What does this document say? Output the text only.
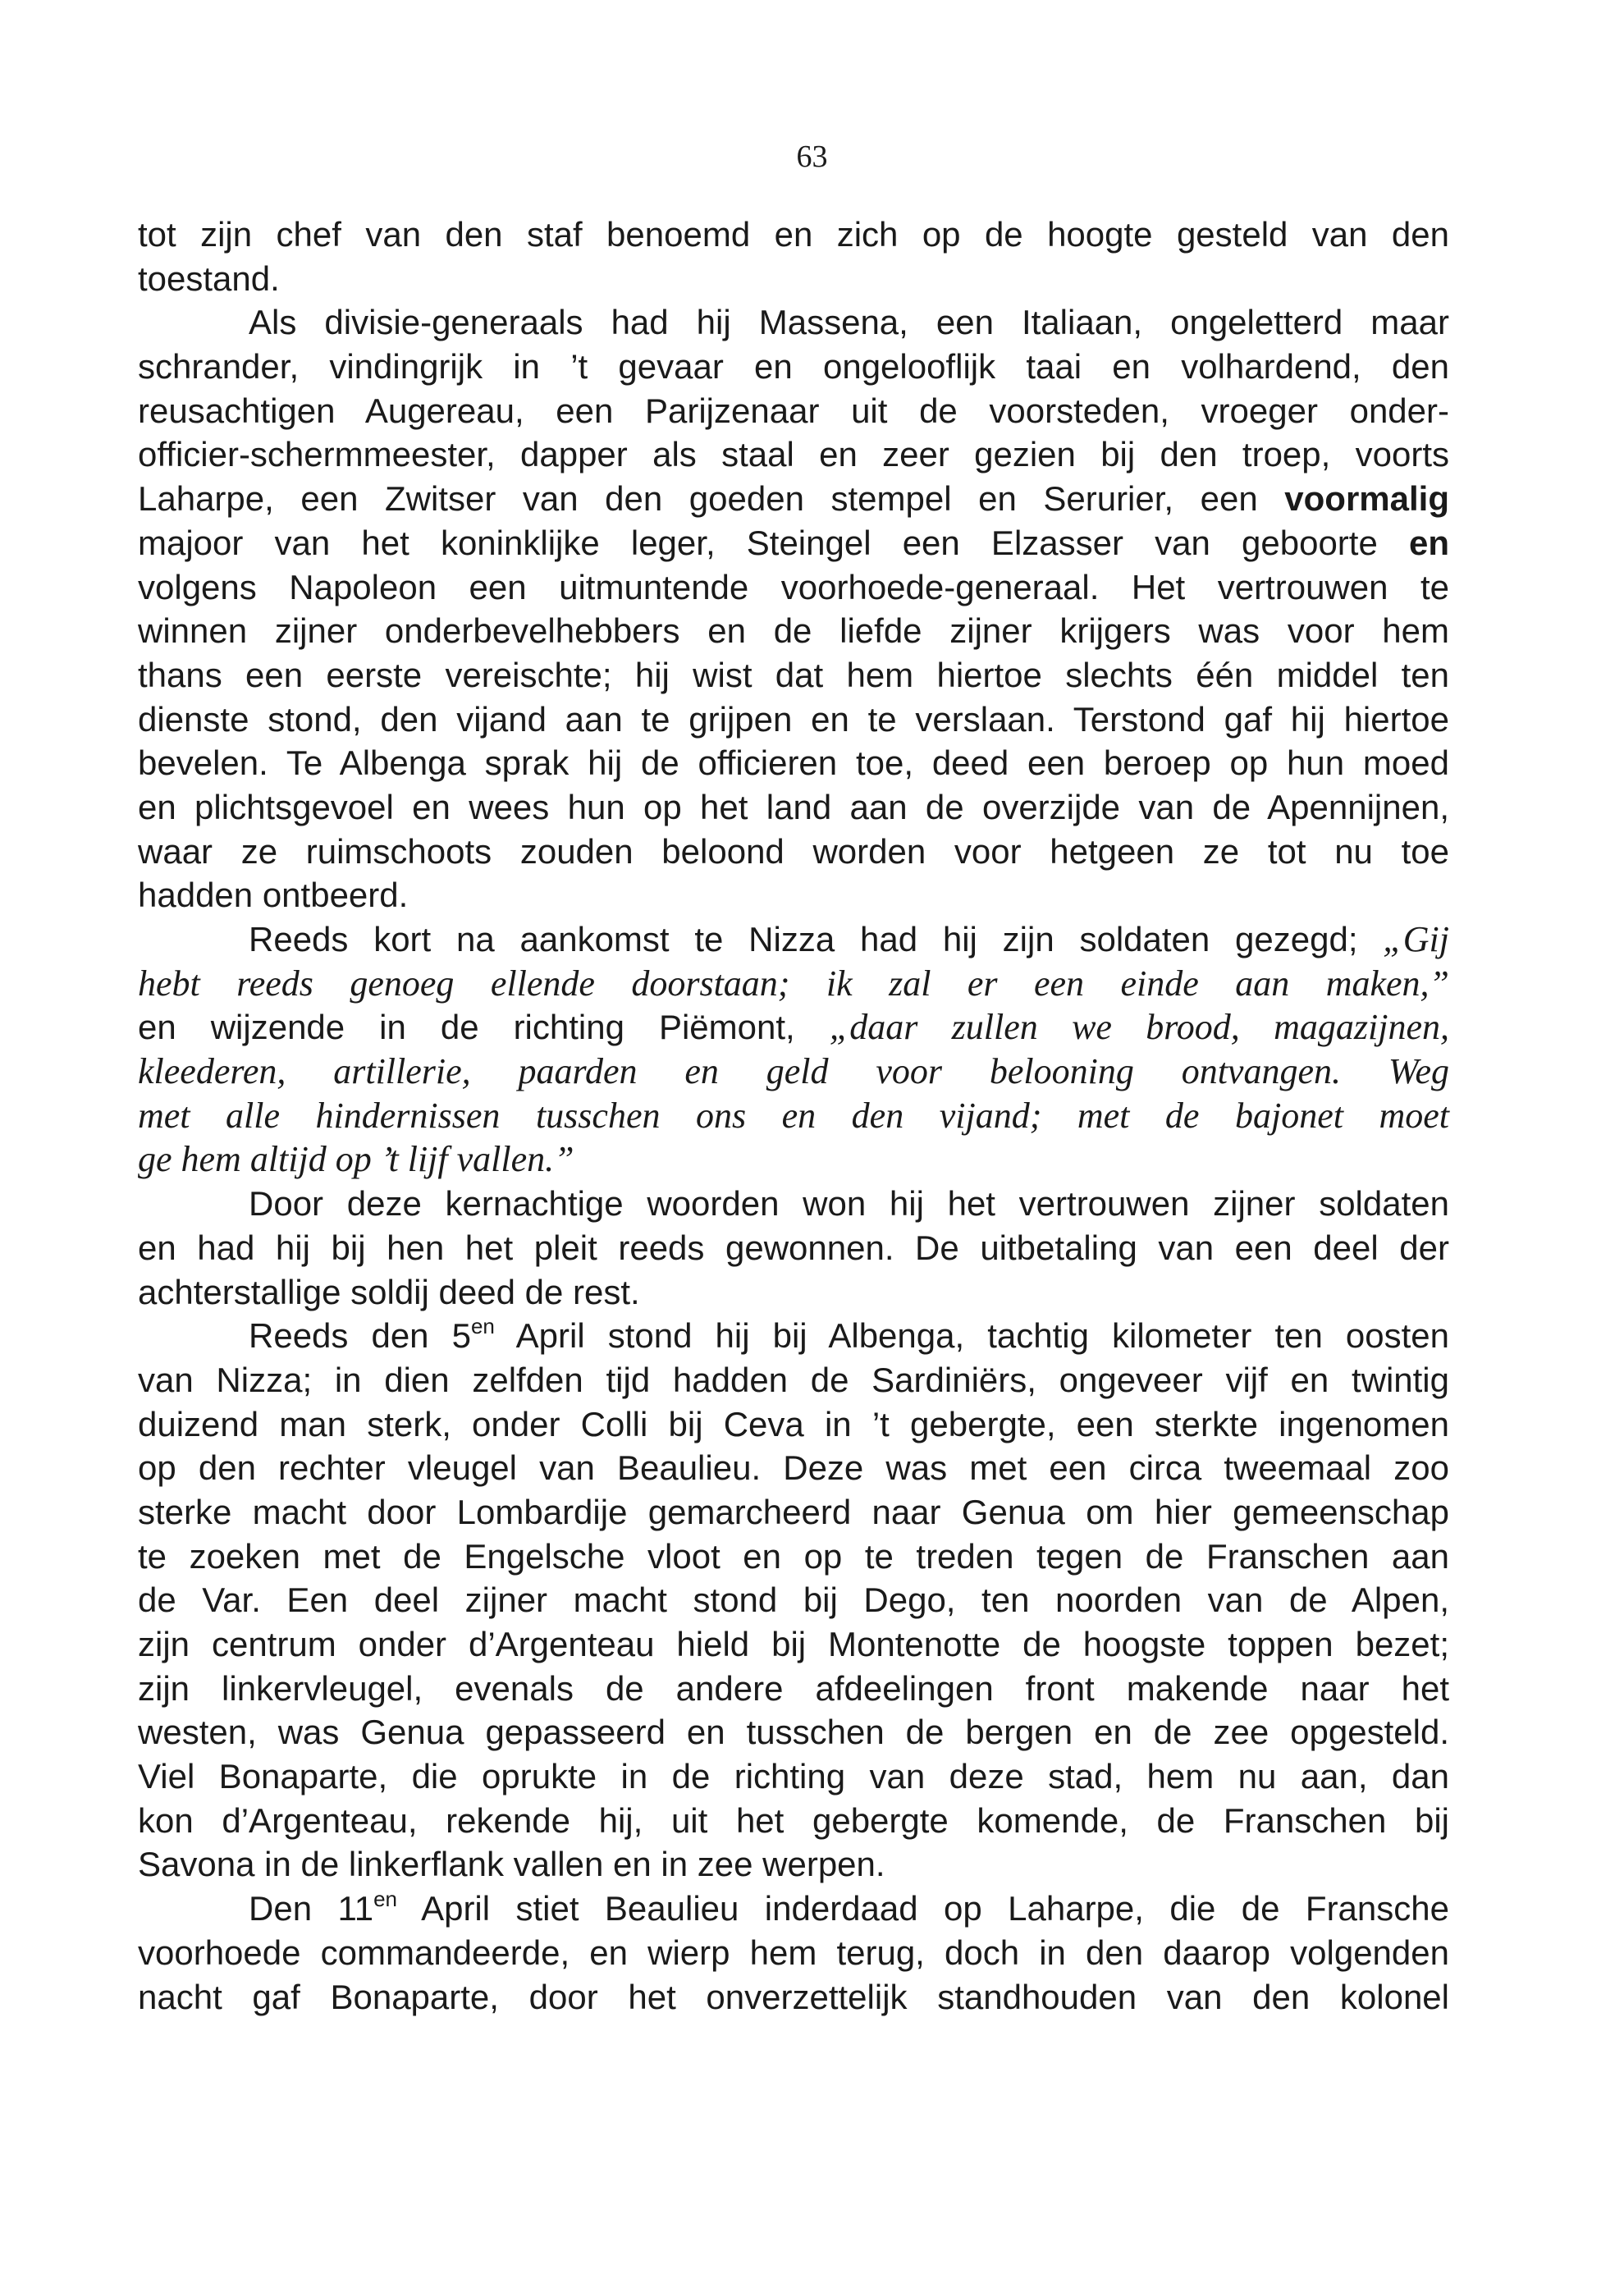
63
tot zijn chef van den staf benoemd en zich op de hoogte gesteld van den
toestand.
Als divisie-generaals had hij Massena, een Italiaan, ongeletterd maar
schrander, vindingrijk in ’t gevaar en ongelooflijk taai en volhardend, den
reusachtigen Augereau, een Parijzenaar uit de voorsteden, vroeger onder-
officier-schermmeester, dapper als staal en zeer gezien bij den troep, voorts
Laharpe, een Zwitser van den goeden stempel en Serurier, een voormalig
majoor van het koninklijke leger, Steingel een Elzasser van geboorte en
volgens Napoleon een uitmuntende voorhoede-generaal. Het vertrouwen te
winnen zijner onderbevelhebbers en de liefde zijner krijgers was voor hem
thans een eerste vereischte; hij wist dat hem hiertoe slechts één middel ten
dienste stond, den vijand aan te grijpen en te verslaan. Terstond gaf hij hiertoe
bevelen. Te Albenga sprak hij de officieren toe, deed een beroep op hun moed
en plichtsgevoel en wees hun op het land aan de overzijde van de Apennijnen,
waar ze ruimschoots zouden beloond worden voor hetgeen ze tot nu toe
hadden ontbeerd.
Reeds kort na aankomst te Nizza had hij zijn soldaten gezegd; „Gij
hebt reeds genoeg ellende doorstaan; ik zal er een einde aan maken,”
en wijzende in de richting Piëmont, „daar zullen we brood, magazijnen,
kleederen, artillerie, paarden en geld voor belooning ontvangen. Weg
met alle hindernissen tusschen ons en den vijand; met de bajonet moet
ge hem altijd op ’t lijf vallen.”
Door deze kernachtige woorden won hij het vertrouwen zijner soldaten
en had hij bij hen het pleit reeds gewonnen. De uitbetaling van een deel der
achterstallige soldij deed de rest.
Reeds den $5^{en}$ April stond hij bij Albenga, tachtig kilometer ten oosten
van Nizza; in dien zelfden tijd hadden de Sardiniërs, ongeveer vijf en twintig
duizend man sterk, onder Colli bij Ceva in ’t gebergte, een sterkte ingenomen
op den rechter vleugel van Beaulieu. Deze was met een circa tweemaal zoo
sterke macht door Lombardije gemarcheerd naar Genua om hier gemeenschap
te zoeken met de Engelsche vloot en op te treden tegen de Franschen aan
de Var. Een deel zijner macht stond bij Dego, ten noorden van de Alpen,
zijn centrum onder d’Argenteau hield bij Montenotte de hoogste toppen bezet;
zijn linkervleugel, evenals de andere afdeelingen front makende naar het
westen, was Genua gepasseerd en tusschen de bergen en de zee opgesteld.
Viel Bonaparte, die oprukte in de richting van deze stad, hem nu aan, dan
kon d’Argenteau, rekende hij, uit het gebergte komende, de Franschen bij
Savona in de linkerflank vallen en in zee werpen.
Den $11^{en}$ April stiet Beaulieu inderdaad op Laharpe, die de Fransche
voorhoede commandeerde, en wierp hem terug, doch in den daarop volgenden
nacht gaf Bonaparte, door het onverzettelijk standhouden van den kolonel
